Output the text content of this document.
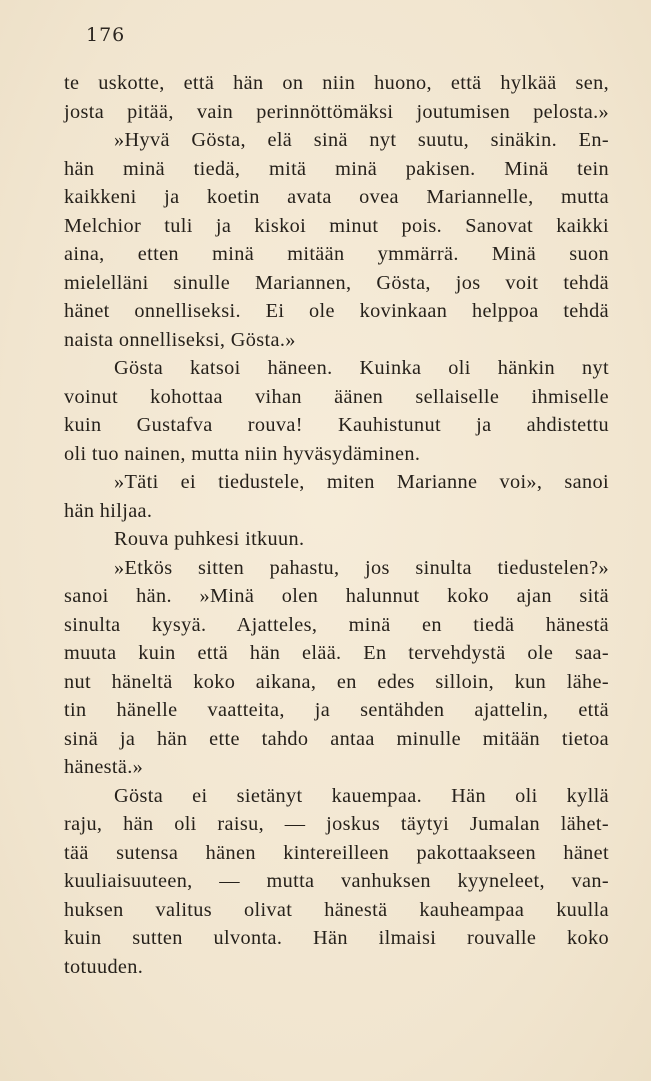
176
te uskotte, että hän on niin huono, että hylkää sen,
josta pitää, vain perinnöttömäksi joutumisen pelosta.»
»Hyvä Gösta, elä sinä nyt suutu, sinäkin. En-
hän minä tiedä, mitä minä pakisen. Minä tein
kaikkeni ja koetin avata ovea Mariannelle, mutta
Melchior tuli ja kiskoi minut pois. Sanovat kaikki
aina, etten minä mitään ymmärrä. Minä suon
mielelläni sinulle Mariannen, Gösta, jos voit tehdä
hänet onnelliseksi. Ei ole kovinkaan helppoa tehdä
naista onnelliseksi, Gösta.»
Gösta katsoi häneen. Kuinka oli hänkin nyt
voinut kohottaa vihan äänen sellaiselle ihmiselle
kuin Gustafva rouva! Kauhistunut ja ahdistettu
oli tuo nainen, mutta niin hyväsydäminen.
»Täti ei tiedustele, miten Marianne voi», sanoi
hän hiljaa.
Rouva puhkesi itkuun.
»Etkös sitten pahastu, jos sinulta tiedustelen?»
sanoi hän. »Minä olen halunnut koko ajan sitä
sinulta kysyä. Ajatteles, minä en tiedä hänestä
muuta kuin että hän elää. En tervehdystä ole saa-
nut häneltä koko aikana, en edes silloin, kun lähe-
tin hänelle vaatteita, ja sentähden ajattelin, että
sinä ja hän ette tahdo antaa minulle mitään tietoa
hänestä.»
Gösta ei sietänyt kauempaa. Hän oli kyllä
raju, hän oli raisu, — joskus täytyi Jumalan lähet-
tää sutensa hänen kintereilleen pakottaakseen hänet
kuuliaisuuteen, — mutta vanhuksen kyyneleet, van-
huksen valitus olivat hänestä kauheampaa kuulla
kuin sutten ulvonta. Hän ilmaisi rouvalle koko
totuuden.
